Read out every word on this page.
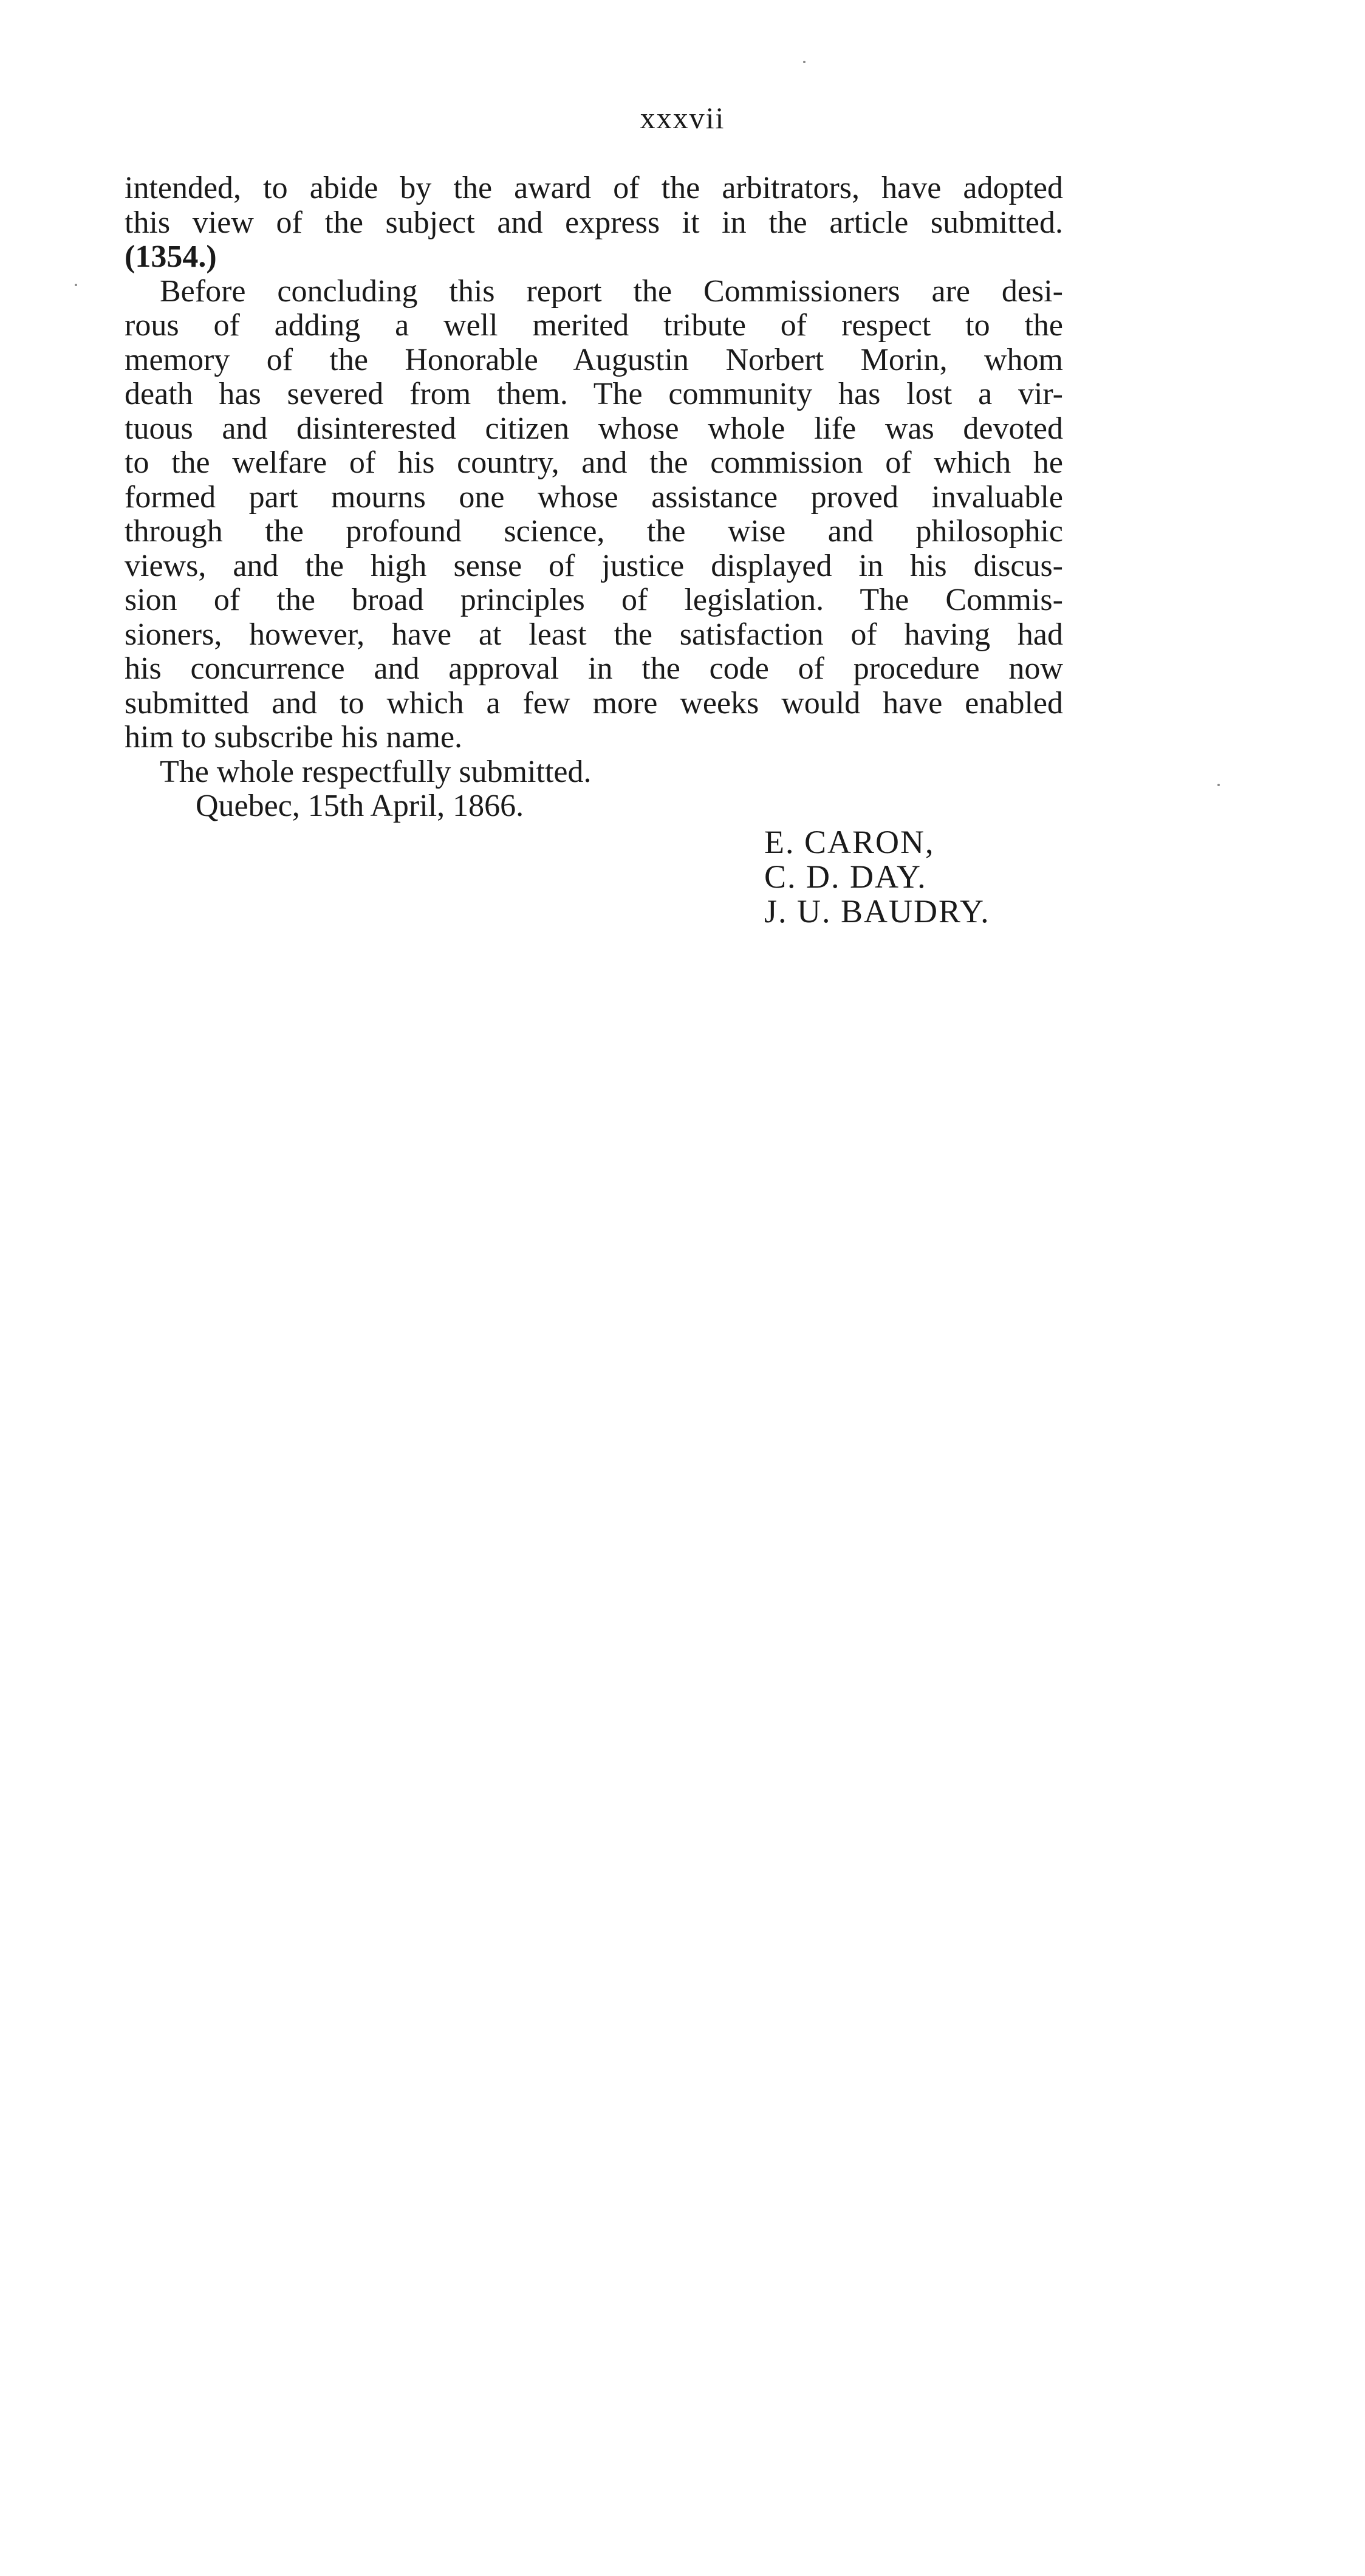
xxxvii
intended, to abide by the award of the arbitrators, have adopted
this view of the subject and express it in the article submitted.
(1354.)
Before concluding this report the Commissioners are desi-
rous of adding a well merited tribute of respect to the
memory of the Honorable Augustin Norbert Morin, whom
death has severed from them. The community has lost a vir-
tuous and disinterested citizen whose whole life was devoted
to the welfare of his country, and the commission of which he
formed part mourns one whose assistance proved invaluable
through the profound science, the wise and philosophic
views, and the high sense of justice displayed in his discus-
sion of the broad principles of legislation. The Commis-
sioners, however, have at least the satisfaction of having had
his concurrence and approval in the code of procedure now
submitted and to which a few more weeks would have enabled
him to subscribe his name.
The whole respectfully submitted.
Quebec, 15th April, 1866.
E. CARON,
C. D. DAY.
J. U. BAUDRY.
